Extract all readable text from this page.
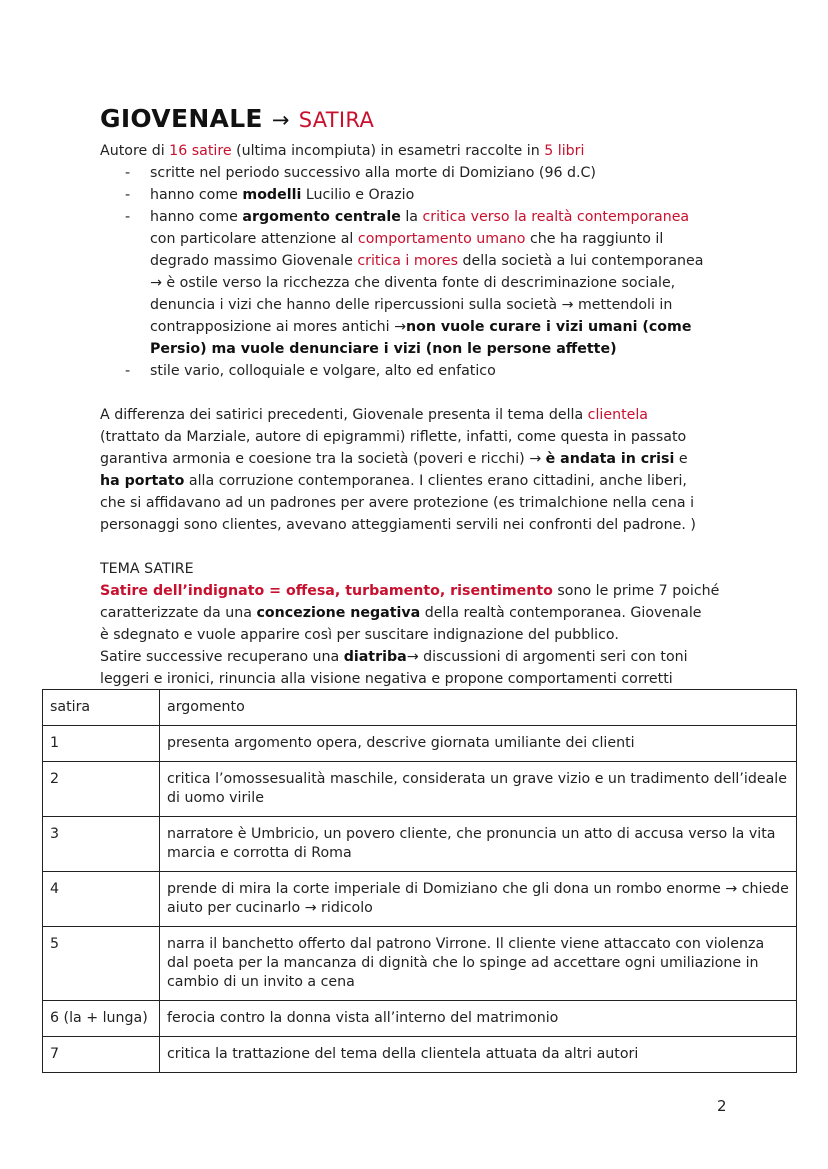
GIOVENALE → SATIRA

Autore di 16 satire (ultima incompiuta) in esametri raccolte in 5 libri

- scritte nel periodo successivo alla morte di Domiziano (96 d.C)
- hanno come modelli Lucilio e Orazio
- hanno come argomento centrale la critica verso la realtà contemporanea
con particolare attenzione al comportamento umano che ha raggiunto il
degrado massimo Giovenale critica i mores della società a lui contemporanea
→ è ostile verso la ricchezza che diventa fonte di descriminazione sociale,
denuncia i vizi che hanno delle ripercussioni sulla società → mettendoli in
contrapposizione ai mores antichi →non vuole curare i vizi umani (come
Persio) ma vuole denunciare i vizi (non le persone affette)
- stile vario, colloquiale e volgare, alto ed enfatico
A differenza dei satirici precedenti, Giovenale presenta il tema della clientela
(trattato da Marziale, autore di epigrammi) riflette, infatti, come questa in passato
garantiva armonia e coesione tra la società (poveri e ricchi) → è andata in crisi e
ha portato alla corruzione contemporanea. I clientes erano cittadini, anche liberi,
che si affidavano ad un padrones per avere protezione (es trimalchione nella cena i
personaggi sono clientes, avevano atteggiamenti servili nei confronti del padrone. )
TEMA SATIRE
Satire dell’indignato = offesa, turbamento, risentimento sono le prime 7 poiché
caratterizzate da una concezione negativa della realtà contemporanea. Giovenale
è sdegnato e vuole apparire così per suscitare indignazione del pubblico.
Satire successive recuperano una diatriba→ discussioni di argomenti seri con toni
leggeri e ironici, rinuncia alla visione negativa e propone comportamenti corretti
satira	argomento
1	presenta argomento opera, descrive giornata umiliante dei clienti
2	critica l’omossesualità maschile, considerata un grave vizio e un tradimento dell’ideale di uomo virile
3	narratore è Umbricio, un povero cliente, che pronuncia un atto di accusa verso la vita marcia e corrotta di Roma
4	prende di mira la corte imperiale di Domiziano che gli dona un rombo enorme → chiede aiuto per cucinarlo → ridicolo
5	narra il banchetto offerto dal patrono Virrone. Il cliente viene attaccato con violenza dal poeta per la mancanza di dignità che lo spinge ad accettare ogni umiliazione in cambio di un invito a cena
6 (la + lunga)	ferocia contro la donna vista all’interno del matrimonio
7	critica la trattazione del tema della clientela attuata da altri autori
2
